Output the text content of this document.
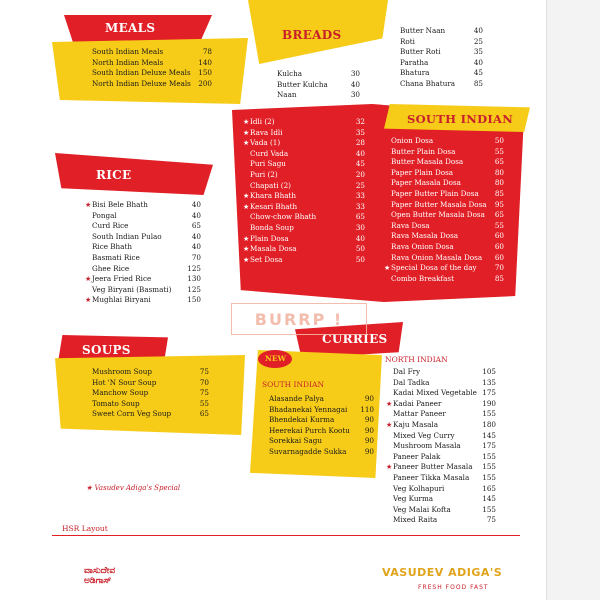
MEALS
South Indian Meals	78
North Indian Meals	140
South Indian Deluxe Meals 150
North Indian Deluxe Meals 200
BREADS
Kulcha	30
Butter Kulcha	40
Naan	30
Butter Naan	40
Roti	25
Butter Roti	35
Paratha	40
Bhatura	45
Chana Bhatura	85
SOUTH INDIAN
★ Idli (2)	32
★ Rava Idli	35
★ Vada (1)	28
Curd Vada	40
Puri Sagu	45
Puri (2)	20
Chapati (2)	25
★ Khara Bhath	33
★ Kesari Bhath	33
Chow-chow Bhath	65
Bonda Soup	30
★ Plain Dosa	40
★ Masala Dosa	50
★ Set Dosa	50
Onion Dosa	50
Butter Plain Dosa	55
Butter Masala Dosa	65
Paper Plain Dosa	80
Paper Masala Dosa	80
Paper Butter Plain Dosa 85
Paper Butter Masala Dosa 95
Open Butter Masala Dosa 65
Rava Dosa	55
Rava Masala Dosa	60
Rava Onion Dosa	60
Rava Onion Masala Dosa 60
★ Special Dosa of the day	70
Combo Breakfast	85
RICE
★ Bisi Bele Bhath	40
Pongal	40
Curd Rice	65
South Indian Pulao	40
Rice Bhath	40
Basmati Rice	70
Ghee Rice	125
★ Jeera Fried Rice	130
Veg Biryani (Basmati) 125
★ Mughlai Biryani	150
SOUPS
Mushroom Soup	75
Hot 'N Sour Soup	70
Manchow Soup	75
Tomato Soup	55
Sweet Corn Veg Soup	65
CURRIES
NEW
SOUTH INDIAN
Alasande Palya	90
Bhadanekai Yennagai 110
Bhendekai Kurma	90
Heerekai Purch Kootu 90
Sorekkai Sagu	90
Suvarnagadde Sukka	90
NORTH INDIAN
Dal Fry	105
Dal Tadka	135
Kadai Mixed Vegetable 175
★ Kadai Paneer	190
Mattar Paneer	155
★ Kaju Masala	180
Mixed Veg Curry	145
Mushroom Masala	175
Paneer Palak	155
★ Paneer Butter Masala 155
Paneer Tikka Masala 155
Veg Kolhapuri	165
Veg Kurma	145
Veg Malai Kofta	155
Mixed Raita	75
BURRP !
★ Vasudev Adiga's Special
HSR Layout
ವಾಸುದೇವ ಅಡಿಗಾಸ್
VASUDEV ADIGA'S
FRESH FOOD FAST
